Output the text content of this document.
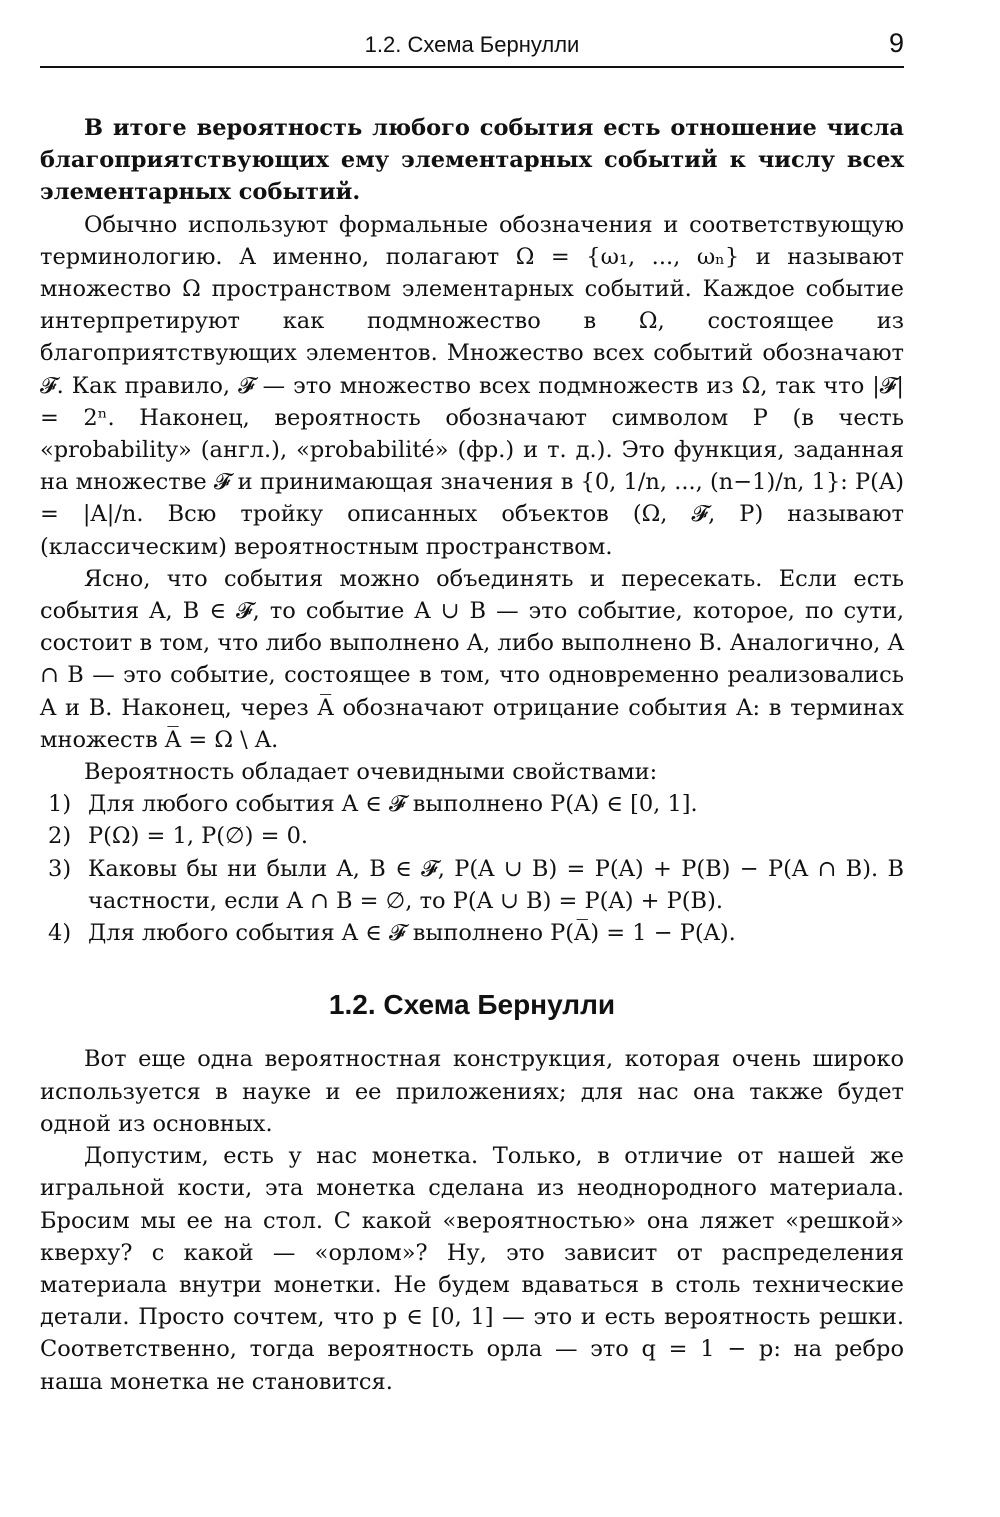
1.2. Схема Бернулли	9

В итоге вероятность любого события есть отношение числа благоприятствующих ему элементарных событий к числу всех элементарных событий.

Обычно используют формальные обозначения и соответствующую терминологию. А именно, полагают Ω = {ω₁, ..., ωₙ} и называют множество Ω пространством элементарных событий. Каждое событие интерпретируют как подмножество в Ω, состоящее из благоприятствующих элементов. Множество всех событий обозначают 𝓕. Как правило, 𝓕 — это множество всех подмножеств из Ω, так что |𝓕| = 2ⁿ. Наконец, вероятность обозначают символом P (в честь «probability» (англ.), «probabilité» (фр.) и т. д.). Это функция, заданная на множестве 𝓕 и принимающая значения в {0, 1/n, ..., (n−1)/n, 1}: P(A) = |A|/n. Всю тройку описанных объектов (Ω, 𝓕, P) называют (классическим) вероятностным пространством.

Ясно, что события можно объединять и пересекать. Если есть события A, B ∈ 𝓕, то событие A ∪ B — это событие, которое, по сути, состоит в том, что либо выполнено A, либо выполнено B. Аналогично, A ∩ B — это событие, состоящее в том, что одновременно реализовались A и B. Наконец, через A̅ обозначают отрицание события A: в терминах множеств A̅ = Ω \ A.

Вероятность обладает очевидными свойствами:

1) Для любого события A ∈ 𝓕 выполнено P(A) ∈ [0, 1].
2) P(Ω) = 1, P(∅) = 0.
3) Каковы бы ни были A, B ∈ 𝓕, P(A ∪ B) = P(A) + P(B) − P(A ∩ B). В частности, если A ∩ B = ∅, то P(A ∪ B) = P(A) + P(B).
4) Для любого события A ∈ 𝓕 выполнено P(A̅) = 1 − P(A).
1.2. Схема Бернулли

Вот еще одна вероятностная конструкция, которая очень широко используется в науке и ее приложениях; для нас она также будет одной из основных.

Допустим, есть у нас монетка. Только, в отличие от нашей же игральной кости, эта монетка сделана из неоднородного материала. Бросим мы ее на стол. С какой «вероятностью» она ляжет «решкой» кверху? с какой — «орлом»? Ну, это зависит от распределения материала внутри монетки. Не будем вдаваться в столь технические детали. Просто сочтем, что p ∈ [0, 1] — это и есть вероятность решки. Соответственно, тогда вероятность орла — это q = 1 − p: на ребро наша монетка не становится.
